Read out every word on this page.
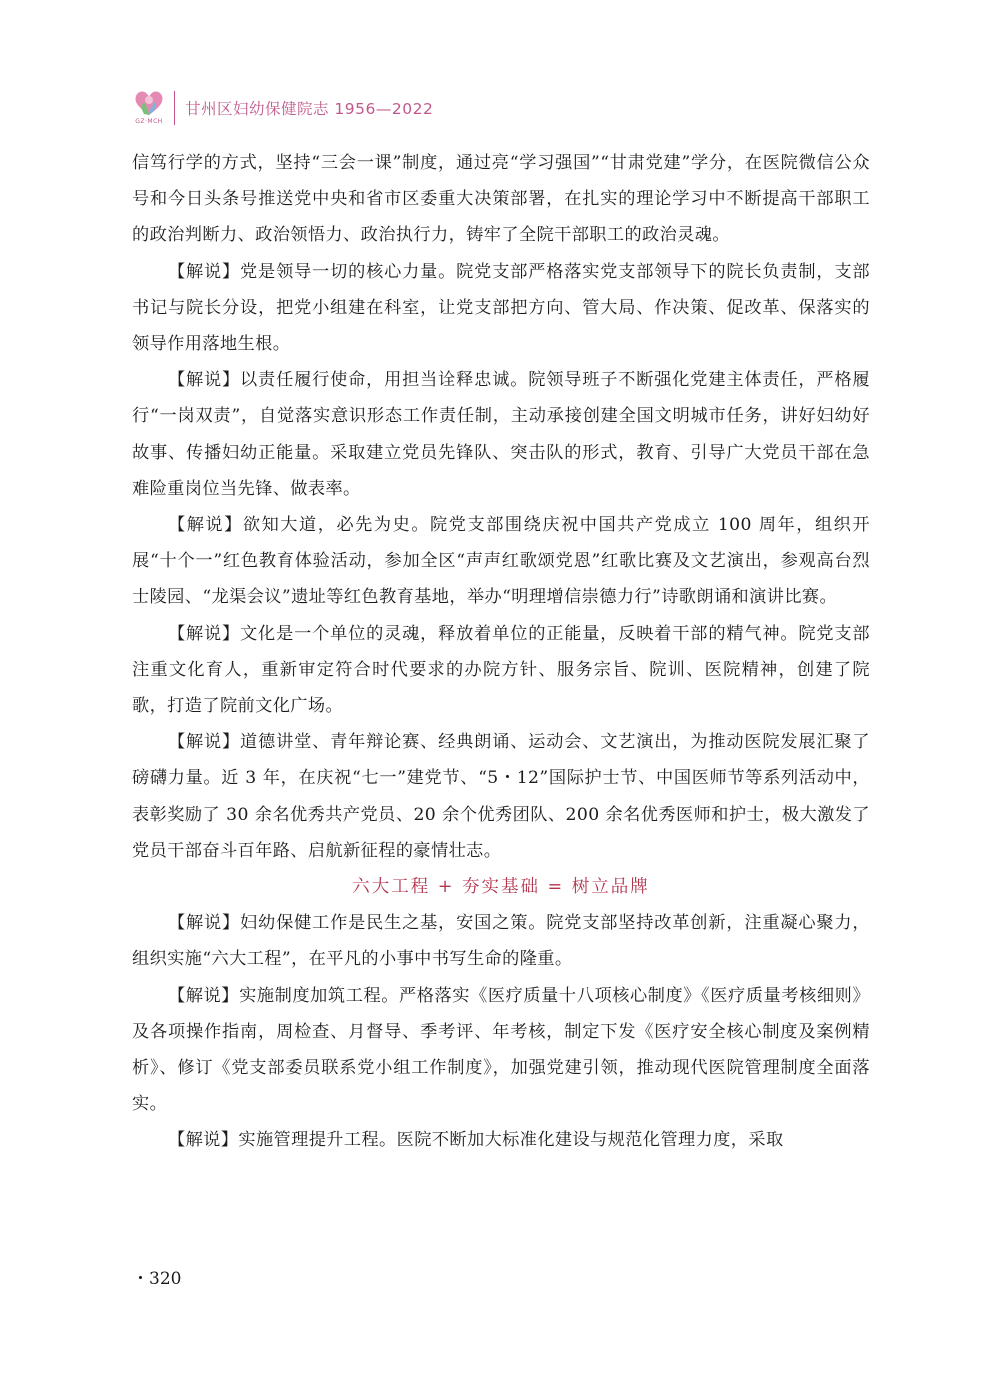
GZ·MCH
甘州区妇幼保健院志 1956—2022

信笃行学的方式，坚持“三会一课”制度，通过亮“学习强国”“甘肃党建”学分，在医院微信公众号和今日头条号推送党中央和省市区委重大决策部署，在扎实的理论学习中不断提高干部职工的政治判断力、政治领悟力、政治执行力，铸牢了全院干部职工的政治灵魂。

【解说】党是领导一切的核心力量。院党支部严格落实党支部领导下的院长负责制，支部书记与院长分设，把党小组建在科室，让党支部把方向、管大局、作决策、促改革、保落实的领导作用落地生根。

【解说】以责任履行使命，用担当诠释忠诚。院领导班子不断强化党建主体责任，严格履行“一岗双责”，自觉落实意识形态工作责任制，主动承接创建全国文明城市任务，讲好妇幼好故事、传播妇幼正能量。采取建立党员先锋队、突击队的形式，教育、引导广大党员干部在急难险重岗位当先锋、做表率。

【解说】欲知大道，必先为史。院党支部围绕庆祝中国共产党成立 100 周年，组织开展“十个一”红色教育体验活动，参加全区“声声红歌颂党恩”红歌比赛及文艺演出，参观高台烈士陵园、“龙渠会议”遗址等红色教育基地，举办“明理增信崇德力行”诗歌朗诵和演讲比赛。

【解说】文化是一个单位的灵魂，释放着单位的正能量，反映着干部的精气神。院党支部注重文化育人，重新审定符合时代要求的办院方针、服务宗旨、院训、医院精神，创建了院歌，打造了院前文化广场。

【解说】道德讲堂、青年辩论赛、经典朗诵、运动会、文艺演出，为推动医院发展汇聚了磅礴力量。近 3 年，在庆祝“七一”建党节、“5・12”国际护士节、中国医师节等系列活动中，表彰奖励了 30 余名优秀共产党员、20 余个优秀团队、200 余名优秀医师和护士，极大激发了党员干部奋斗百年路、启航新征程的豪情壮志。

六大工程 + 夯实基础 = 树立品牌

【解说】妇幼保健工作是民生之基，安国之策。院党支部坚持改革创新，注重凝心聚力，组织实施“六大工程”，在平凡的小事中书写生命的隆重。

【解说】实施制度加筑工程。严格落实《医疗质量十八项核心制度》《医疗质量考核细则》及各项操作指南，周检查、月督导、季考评、年考核，制定下发《医疗安全核心制度及案例精析》、修订《党支部委员联系党小组工作制度》，加强党建引领，推动现代医院管理制度全面落实。

【解说】实施管理提升工程。医院不断加大标准化建设与规范化管理力度，采取

・320
